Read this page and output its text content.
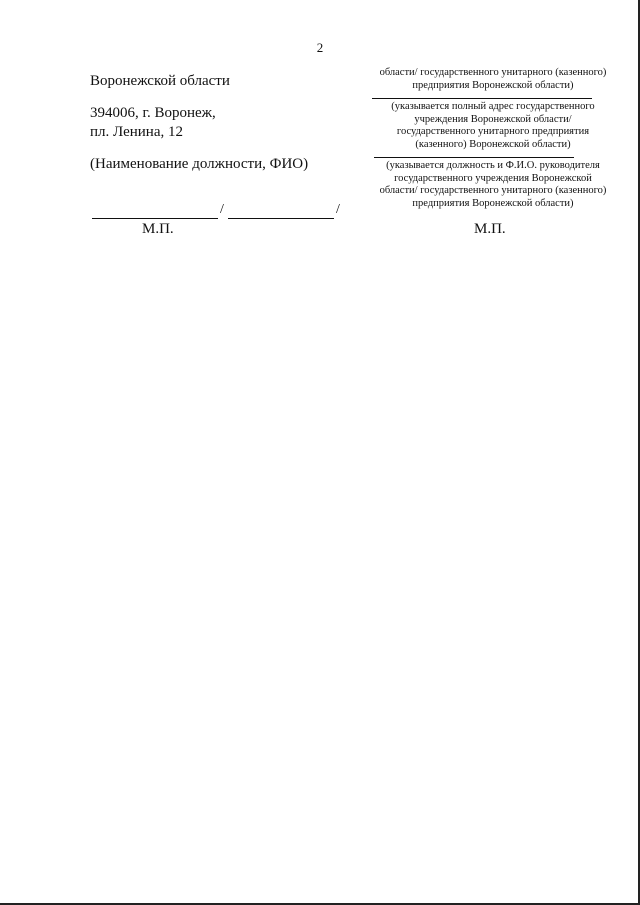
2
Воронежской области
394006, г. Воронеж,
пл. Ленина, 12
(Наименование должности, ФИО)
/	/
М.П.
области/ государственного унитарного (казенного)
предприятия Воронежской области)
(указывается полный адрес государственного
учреждения Воронежской области/
государственного унитарного предприятия
(казенного) Воронежской области)
(указывается должность и Ф.И.О. руководителя
государственного учреждения Воронежской
области/ государственного унитарного (казенного)
предприятия Воронежской области)
М.П.
